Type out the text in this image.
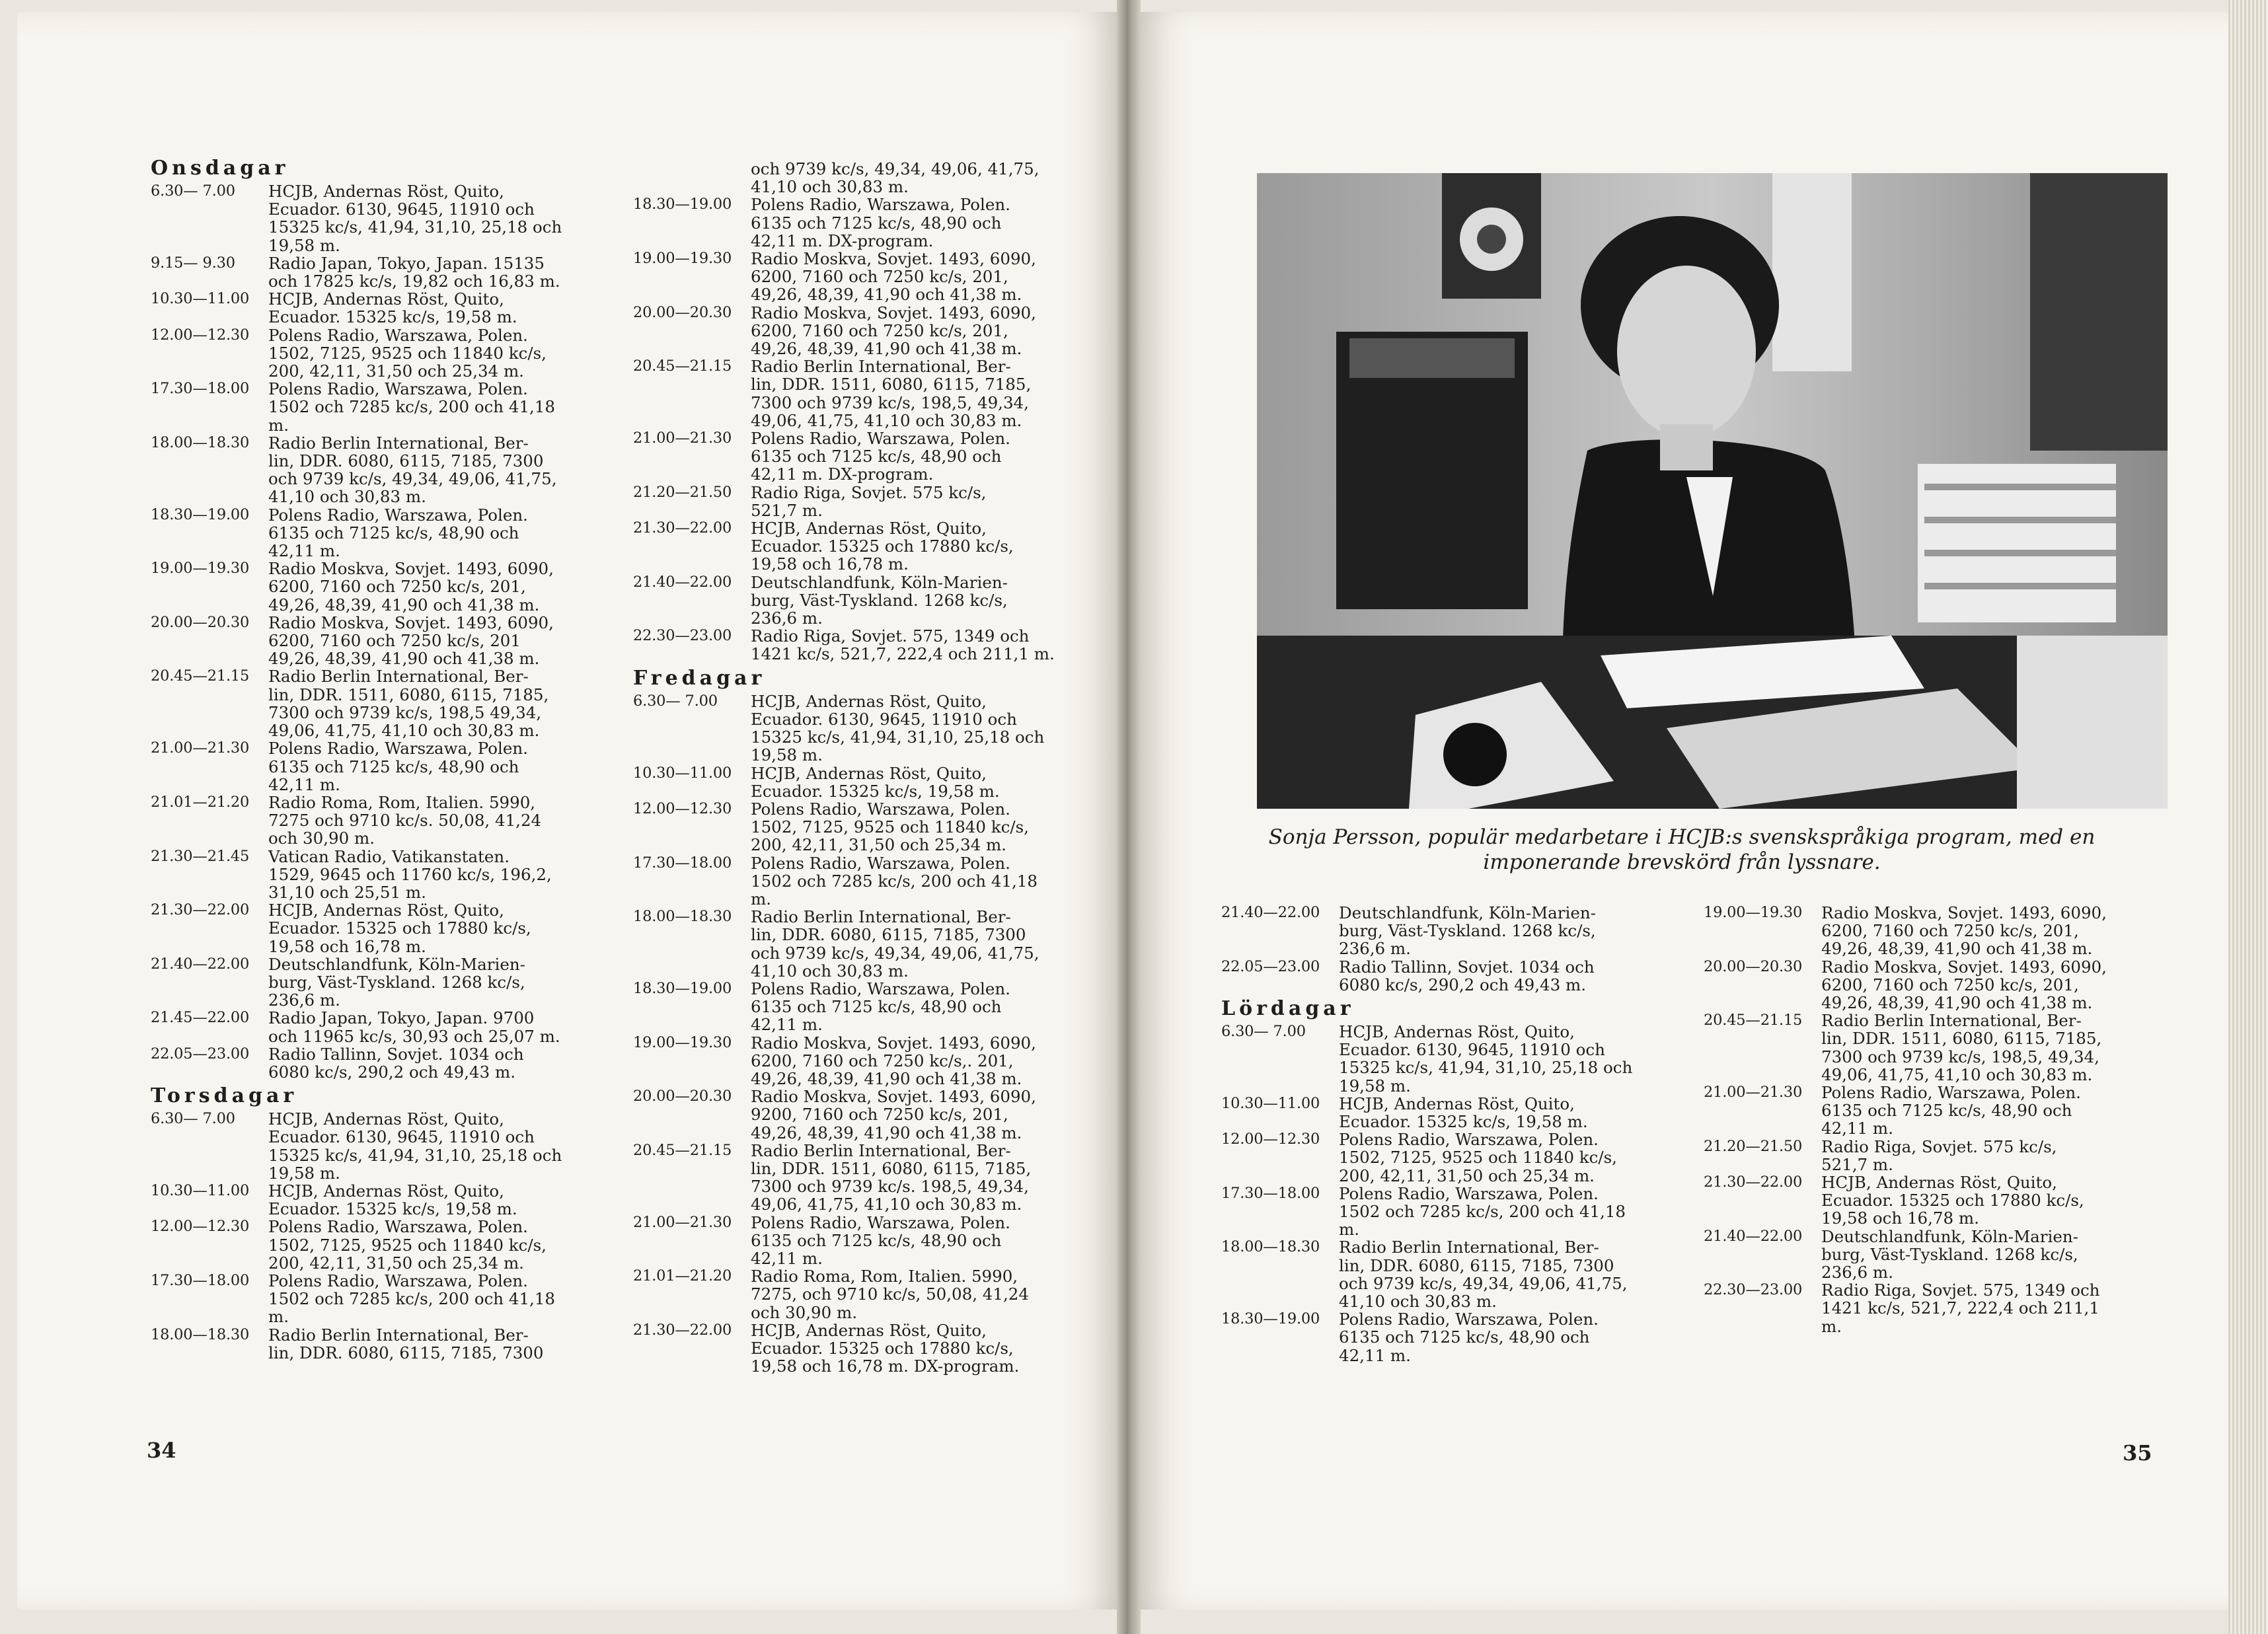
Onsdagar
6.30— 7.00	HCJB, Andernas Röst, Quito,
Ecuador. 6130, 9645, 11910 och
15325 kc/s, 41,94, 31,10, 25,18 och
19,58 m.
9.15— 9.30	Radio Japan, Tokyo, Japan. 15135
och 17825 kc/s, 19,82 och 16,83 m.
10.30—11.00	HCJB, Andernas Röst, Quito,
Ecuador. 15325 kc/s, 19,58 m.
12.00—12.30	Polens Radio, Warszawa, Polen.
1502, 7125, 9525 och 11840 kc/s,
200, 42,11, 31,50 och 25,34 m.
17.30—18.00	Polens Radio, Warszawa, Polen.
1502 och 7285 kc/s, 200 och 41,18
m.
18.00—18.30	Radio Berlin International, Ber-
lin, DDR. 6080, 6115, 7185, 7300
och 9739 kc/s, 49,34, 49,06, 41,75,
41,10 och 30,83 m.
18.30—19.00	Polens Radio, Warszawa, Polen.
6135 och 7125 kc/s, 48,90 och
42,11 m.
19.00—19.30	Radio Moskva, Sovjet. 1493, 6090,
6200, 7160 och 7250 kc/s, 201,
49,26, 48,39, 41,90 och 41,38 m.
20.00—20.30	Radio Moskva, Sovjet. 1493, 6090,
6200, 7160 och 7250 kc/s, 201
49,26, 48,39, 41,90 och 41,38 m.
20.45—21.15	Radio Berlin International, Ber-
lin, DDR. 1511, 6080, 6115, 7185,
7300 och 9739 kc/s, 198,5 49,34,
49,06, 41,75, 41,10 och 30,83 m.
21.00—21.30	Polens Radio, Warszawa, Polen.
6135 och 7125 kc/s, 48,90 och
42,11 m.
21.01—21.20	Radio Roma, Rom, Italien. 5990,
7275 och 9710 kc/s. 50,08, 41,24
och 30,90 m.
21.30—21.45	Vatican Radio, Vatikanstaten.
1529, 9645 och 11760 kc/s, 196,2,
31,10 och 25,51 m.
21.30—22.00	HCJB, Andernas Röst, Quito,
Ecuador. 15325 och 17880 kc/s,
19,58 och 16,78 m.
21.40—22.00	Deutschlandfunk, Köln-Marien-
burg, Väst-Tyskland. 1268 kc/s,
236,6 m.
21.45—22.00	Radio Japan, Tokyo, Japan. 9700
och 11965 kc/s, 30,93 och 25,07 m.
22.05—23.00	Radio Tallinn, Sovjet. 1034 och
6080 kc/s, 290,2 och 49,43 m.
Torsdagar
6.30— 7.00	HCJB, Andernas Röst, Quito,
Ecuador. 6130, 9645, 11910 och
15325 kc/s, 41,94, 31,10, 25,18 och
19,58 m.
10.30—11.00	HCJB, Andernas Röst, Quito,
Ecuador. 15325 kc/s, 19,58 m.
12.00—12.30	Polens Radio, Warszawa, Polen.
1502, 7125, 9525 och 11840 kc/s,
200, 42,11, 31,50 och 25,34 m.
17.30—18.00	Polens Radio, Warszawa, Polen.
1502 och 7285 kc/s, 200 och 41,18
m.
18.00—18.30	Radio Berlin International, Ber-
lin, DDR. 6080, 6115, 7185, 7300
och 9739 kc/s, 49,34, 49,06, 41,75,
41,10 och 30,83 m.
18.30—19.00	Polens Radio, Warszawa, Polen.
6135 och 7125 kc/s, 48,90 och
42,11 m. DX-program.
19.00—19.30	Radio Moskva, Sovjet. 1493, 6090,
6200, 7160 och 7250 kc/s, 201,
49,26, 48,39, 41,90 och 41,38 m.
20.00—20.30	Radio Moskva, Sovjet. 1493, 6090,
6200, 7160 och 7250 kc/s, 201,
49,26, 48,39, 41,90 och 41,38 m.
20.45—21.15	Radio Berlin International, Ber-
lin, DDR. 1511, 6080, 6115, 7185,
7300 och 9739 kc/s, 198,5, 49,34,
49,06, 41,75, 41,10 och 30,83 m.
21.00—21.30	Polens Radio, Warszawa, Polen.
6135 och 7125 kc/s, 48,90 och
42,11 m. DX-program.
21.20—21.50	Radio Riga, Sovjet. 575 kc/s,
521,7 m.
21.30—22.00	HCJB, Andernas Röst, Quito,
Ecuador. 15325 och 17880 kc/s,
19,58 och 16,78 m.
21.40—22.00	Deutschlandfunk, Köln-Marien-
burg, Väst-Tyskland. 1268 kc/s,
236,6 m.
22.30—23.00	Radio Riga, Sovjet. 575, 1349 och
1421 kc/s, 521,7, 222,4 och 211,1 m.
Fredagar
6.30— 7.00	HCJB, Andernas Röst, Quito,
Ecuador. 6130, 9645, 11910 och
15325 kc/s, 41,94, 31,10, 25,18 och
19,58 m.
10.30—11.00	HCJB, Andernas Röst, Quito,
Ecuador. 15325 kc/s, 19,58 m.
12.00—12.30	Polens Radio, Warszawa, Polen.
1502, 7125, 9525 och 11840 kc/s,
200, 42,11, 31,50 och 25,34 m.
17.30—18.00	Polens Radio, Warszawa, Polen.
1502 och 7285 kc/s, 200 och 41,18
m.
18.00—18.30	Radio Berlin International, Ber-
lin, DDR. 6080, 6115, 7185, 7300
och 9739 kc/s, 49,34, 49,06, 41,75,
41,10 och 30,83 m.
18.30—19.00	Polens Radio, Warszawa, Polen.
6135 och 7125 kc/s, 48,90 och
42,11 m.
19.00—19.30	Radio Moskva, Sovjet. 1493, 6090,
6200, 7160 och 7250 kc/s,. 201,
49,26, 48,39, 41,90 och 41,38 m.
20.00—20.30	Radio Moskva, Sovjet. 1493, 6090,
9200, 7160 och 7250 kc/s, 201,
49,26, 48,39, 41,90 och 41,38 m.
20.45—21.15	Radio Berlin International, Ber-
lin, DDR. 1511, 6080, 6115, 7185,
7300 och 9739 kc/s. 198,5, 49,34,
49,06, 41,75, 41,10 och 30,83 m.
21.00—21.30	Polens Radio, Warszawa, Polen.
6135 och 7125 kc/s, 48,90 och
42,11 m.
21.01—21.20	Radio Roma, Rom, Italien. 5990,
7275, och 9710 kc/s, 50,08, 41,24
och 30,90 m.
21.30—22.00	HCJB, Andernas Röst, Quito,
Ecuador. 15325 och 17880 kc/s,
19,58 och 16,78 m. DX-program.
34
Sonja Persson, populär medarbetare i HCJB:s svenskspråkiga program, med en
imponerande brevskörd från lyssnare.
21.40—22.00	Deutschlandfunk, Köln-Marien-
burg, Väst-Tyskland. 1268 kc/s,
236,6 m.
22.05—23.00	Radio Tallinn, Sovjet. 1034 och
6080 kc/s, 290,2 och 49,43 m.
Lördagar
6.30— 7.00	HCJB, Andernas Röst, Quito,
Ecuador. 6130, 9645, 11910 och
15325 kc/s, 41,94, 31,10, 25,18 och
19,58 m.
10.30—11.00	HCJB, Andernas Röst, Quito,
Ecuador. 15325 kc/s, 19,58 m.
12.00—12.30	Polens Radio, Warszawa, Polen.
1502, 7125, 9525 och 11840 kc/s,
200, 42,11, 31,50 och 25,34 m.
17.30—18.00	Polens Radio, Warszawa, Polen.
1502 och 7285 kc/s, 200 och 41,18
m.
18.00—18.30	Radio Berlin International, Ber-
lin, DDR. 6080, 6115, 7185, 7300
och 9739 kc/s, 49,34, 49,06, 41,75,
41,10 och 30,83 m.
18.30—19.00	Polens Radio, Warszawa, Polen.
6135 och 7125 kc/s, 48,90 och
42,11 m.
19.00—19.30	Radio Moskva, Sovjet. 1493, 6090,
6200, 7160 och 7250 kc/s, 201,
49,26, 48,39, 41,90 och 41,38 m.
20.00—20.30	Radio Moskva, Sovjet. 1493, 6090,
6200, 7160 och 7250 kc/s, 201,
49,26, 48,39, 41,90 och 41,38 m.
20.45—21.15	Radio Berlin International, Ber-
lin, DDR. 1511, 6080, 6115, 7185,
7300 och 9739 kc/s, 198,5, 49,34,
49,06, 41,75, 41,10 och 30,83 m.
21.00—21.30	Polens Radio, Warszawa, Polen.
6135 och 7125 kc/s, 48,90 och
42,11 m.
21.20—21.50	Radio Riga, Sovjet. 575 kc/s,
521,7 m.
21.30—22.00	HCJB, Andernas Röst, Quito,
Ecuador. 15325 och 17880 kc/s,
19,58 och 16,78 m.
21.40—22.00	Deutschlandfunk, Köln-Marien-
burg, Väst-Tyskland. 1268 kc/s,
236,6 m.
22.30—23.00	Radio Riga, Sovjet. 575, 1349 och
1421 kc/s, 521,7, 222,4 och 211,1
m.
35
